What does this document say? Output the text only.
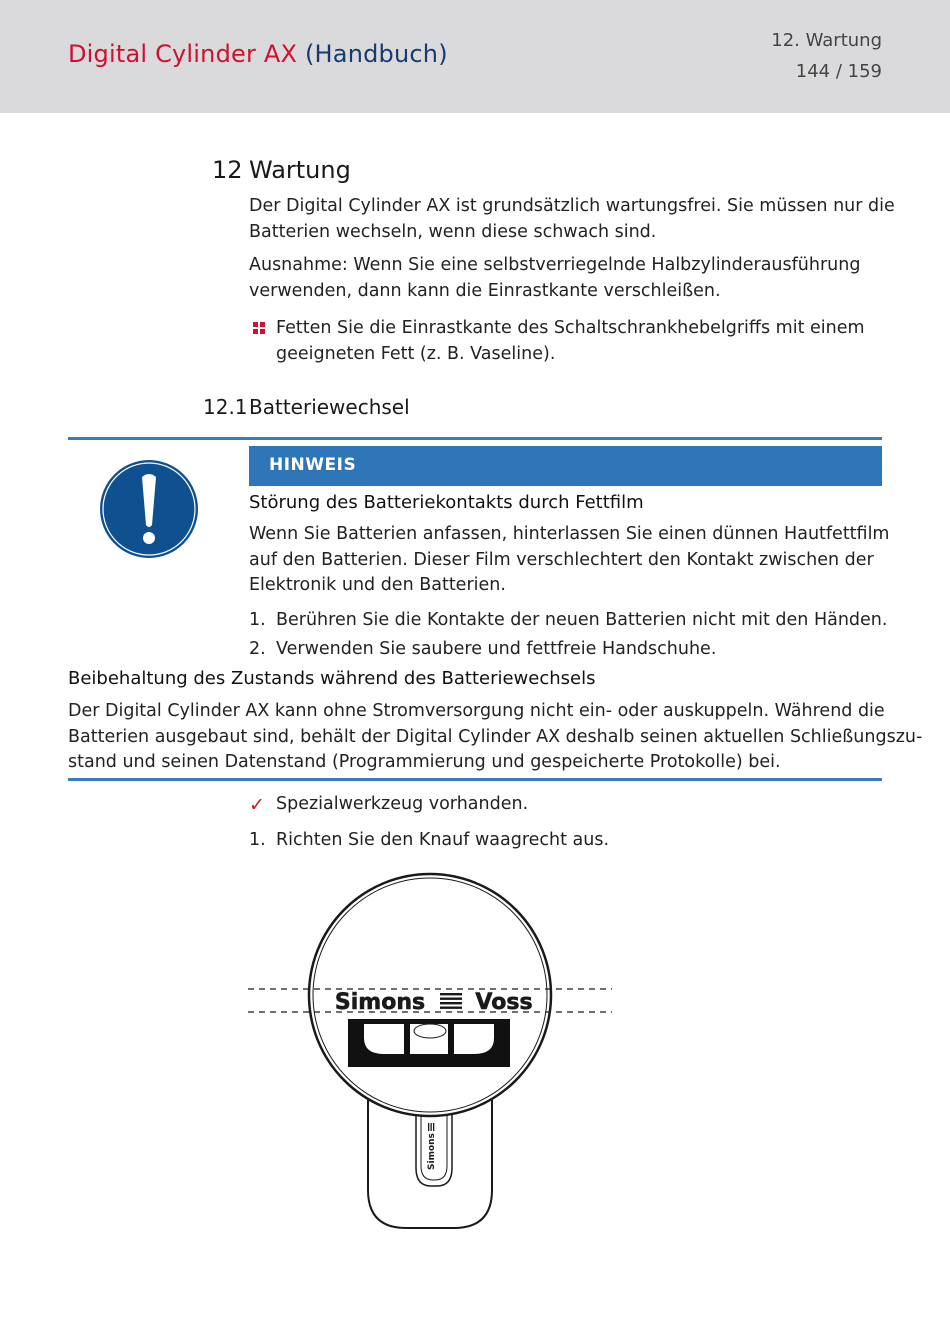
Digital Cylinder AX (Handbuch)	12. Wartung
144 / 159
12 Wartung
Der Digital Cylinder AX ist grundsätzlich wartungsfrei. Sie müssen nur die
Batterien wechseln, wenn diese schwach sind.
Ausnahme: Wenn Sie eine selbstverriegelnde Halbzylinderausführung
verwenden, dann kann die Einrastkante verschleißen.
Fetten Sie die Einrastkante des Schaltschrankhebelgriffs mit einem
geeigneten Fett (z. B. Vaseline).
12.1Batteriewechsel
HINWEIS
Störung des Batteriekontakts durch Fettfilm
Wenn Sie Batterien anfassen, hinterlassen Sie einen dünnen Hautfettfilm
auf den Batterien. Dieser Film verschlechtert den Kontakt zwischen der
Elektronik und den Batterien.
1. Berühren Sie die Kontakte der neuen Batterien nicht mit den Händen.
2. Verwenden Sie saubere und fettfreie Handschuhe.
Beibehaltung des Zustands während des Batteriewechsels
Der Digital Cylinder AX kann ohne Stromversorgung nicht ein- oder auskuppeln. Während die
Batterien ausgebaut sind, behält der Digital Cylinder AX deshalb seinen aktuellen Schließungszu-
stand und seinen Datenstand (Programmierung und gespeicherte Protokolle) bei.
✓ Spezialwerkzeug vorhanden.
1. Richten Sie den Knauf waagrecht aus.
Simons Voss
Simons
